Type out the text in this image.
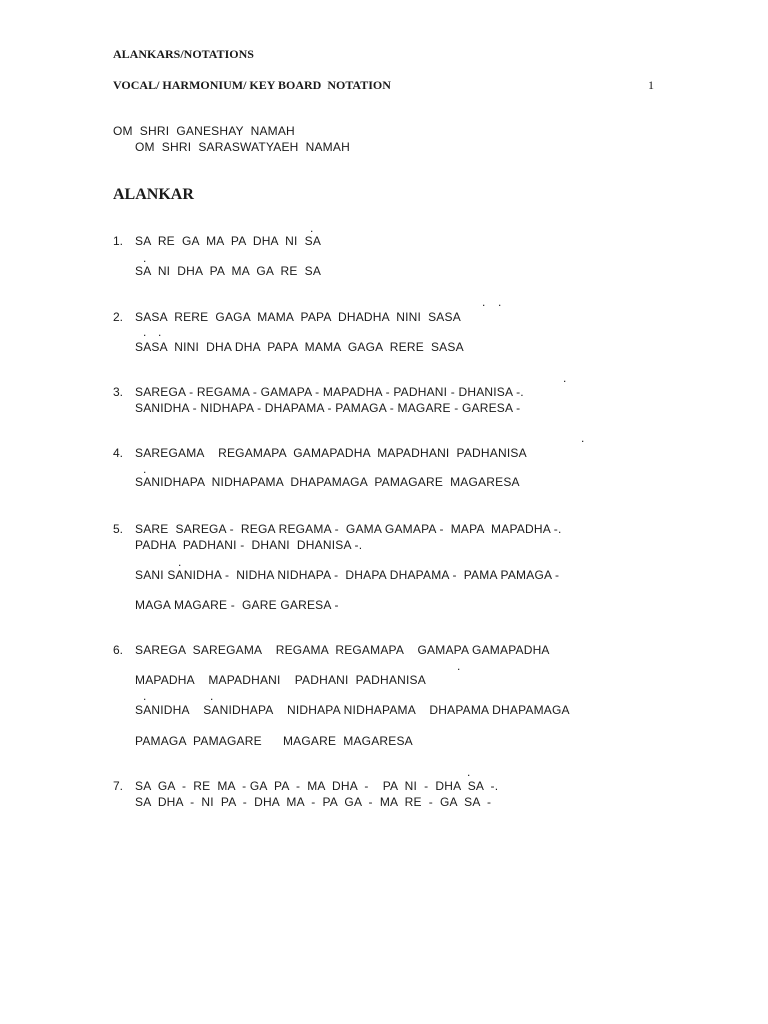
ALANKARS/NOTATIONS
VOCAL/ HARMONIUM/ KEY BOARD  NOTATION	1
OM  SHRI  GANESHAY  NAMAH
OM  SHRI  SARASWATYAEH  NAMAH
ALANKAR
.
1. SA  RE  GA  MA  PA  DHA  NI  SA
.
SA  NI  DHA  PA  MA  GA  RE  SA
. .
2. SASA  RERE  GAGA  MAMA  PAPA  DHADHA  NINI  SASA
. .
SASA  NINI  DHA DHA  PAPA  MAMA  GAGA  RERE  SASA
.
3. SAREGA - REGAMA - GAMAPA - MAPADHA - PADHANI - DHANISA -.
SANIDHA - NIDHAPA - DHAPAMA - PAMAGA - MAGARE - GARESA -
.
4. SAREGAMA    REGAMAPA  GAMAPADHA  MAPADHANI  PADHANISA
.
SANIDHAPA  NIDHAPAMA  DHAPAMAGA  PAMAGARE  MAGARESA
5. SARE  SAREGA -  REGA REGAMA -  GAMA GAMAPA -  MAPA  MAPADHA -.
PADHA  PADHANI -  DHANI  DHANISA -.
.
SANI SANIDHA -  NIDHA NIDHAPA -  DHAPA DHAPAMA -  PAMA PAMAGA -
MAGA MAGARE -  GARE GARESA -
6. SAREGA  SAREGAMA    REGAMA  REGAMAPA    GAMAPA GAMAPADHA
.
MAPADHA    MAPADHANI    PADHANI  PADHANISA
.	.
SANIDHA    SANIDHAPA    NIDHAPA NIDHAPAMA    DHAPAMA DHAPAMAGA
PAMAGA  PAMAGARE      MAGARE  MAGARESA
.
7. SA  GA  -  RE  MA  - GA  PA  -  MA  DHA  -    PA  NI  -  DHA  SA  -.
SA  DHA  -  NI  PA  -  DHA  MA  -  PA  GA  -  MA  RE  -  GA  SA  -
